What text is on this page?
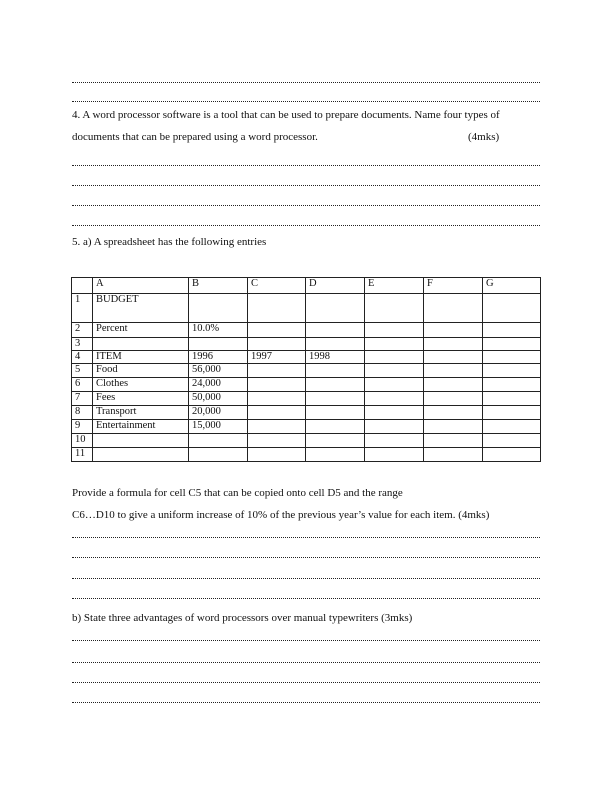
4. A word processor software is a tool that can be used to prepare documents. Name four types of
documents that can be prepared using a word processor.	(4mks)
5. a) A spreadsheet has the following entries
	A	B	C	D	E	F	G
1	BUDGET						
2	Percent	10.0%					
3							
4	ITEM	1996	1997	1998			
5	Food	56,000					
6	Clothes	24,000					
7	Fees	50,000					
8	Transport	20,000					
9	Entertainment	15,000					
10							
11							
Provide a formula for cell C5 that can be copied onto cell D5 and the range
C6…D10 to give a uniform increase of 10% of the previous year’s value for each item. (4mks)
b) State three advantages of word processors over manual typewriters (3mks)
